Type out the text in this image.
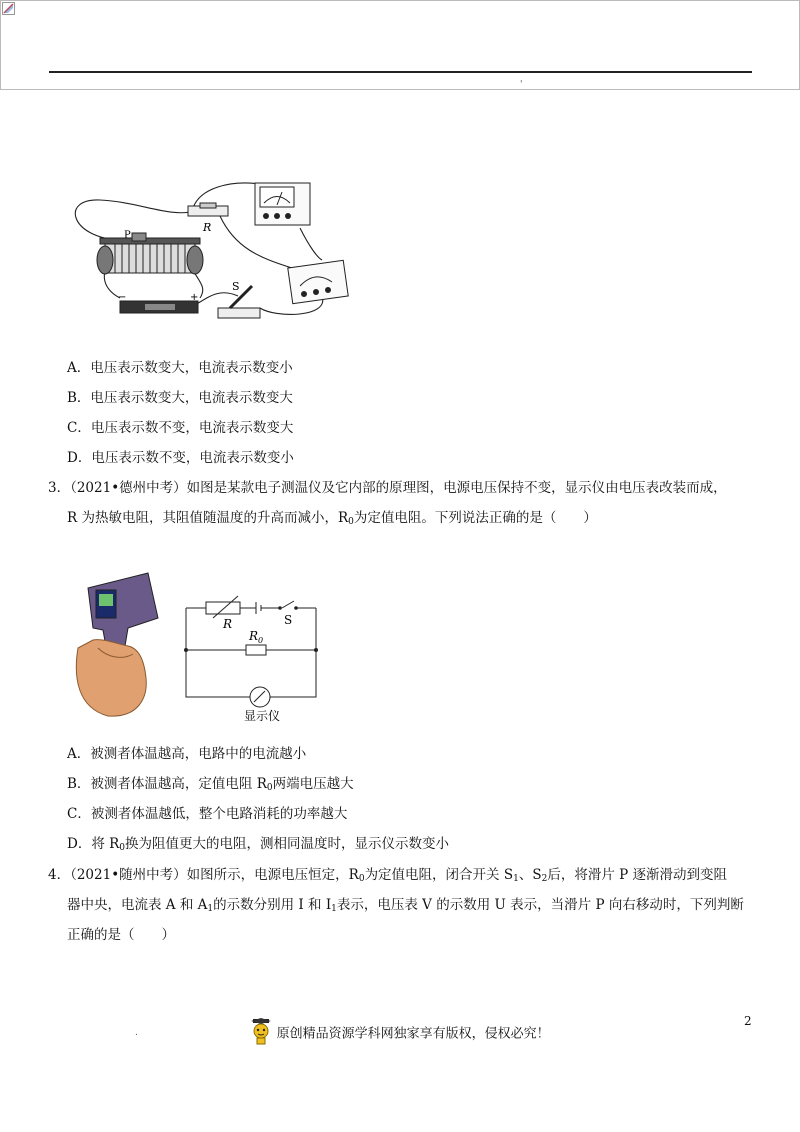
'
R
P
−	+
S
A．电压表示数变大，电流表示数变小
B．电压表示数变大，电流表示数变大
C．电压表示数不变，电流表示数变大
D．电压表示数不变，电流表示数变小
3．（2021•德州中考）如图是某款电子测温仪及它内部的原理图，电源电压保持不变，显示仪由电压表改装而成，
R 为热敏电阻，其阻值随温度的升高而减小，$R_0$为定值电阻。下列说法正确的是（　　）
R	S
$R_0$
显示仪
A．被测者体温越高，电路中的电流越小
B．被测者体温越高，定值电阻 $R_0$两端电压越大
C．被测者体温越低，整个电路消耗的功率越大
D．将 $R_0$换为阻值更大的电阻，测相同温度时，显示仪示数变小
4．（2021•随州中考）如图所示，电源电压恒定，$R_0$为定值电阻，闭合开关 $S_1$、$S_2$后，将滑片 P 逐渐滑动到变阻
器中央，电流表 A 和 $A_1$的示数分别用 I 和 $I_1$表示，电压表 V 的示数用 U 表示，当滑片 P 向右移动时，下列判断
正确的是（　　）
.	原创精品资源学科网独家享有版权，侵权必究！
2
